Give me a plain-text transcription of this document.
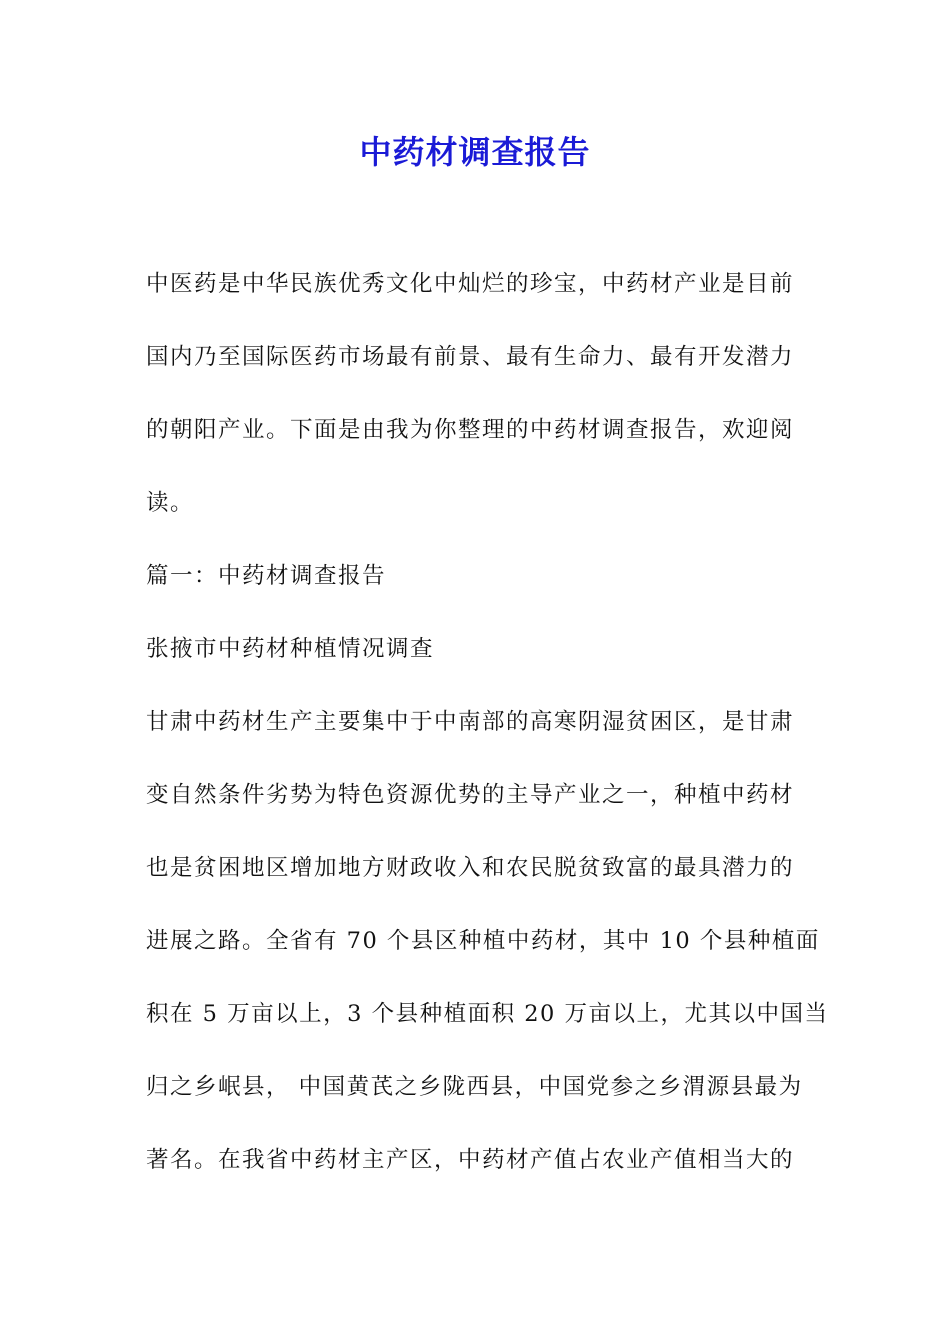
中药材调查报告
中医药是中华民族优秀文化中灿烂的珍宝，中药材产业是目前
国内乃至国际医药市场最有前景、最有生命力、最有开发潜力
的朝阳产业。下面是由我为你整理的中药材调查报告，欢迎阅
读。
篇一：中药材调查报告
张掖市中药材种植情况调查
甘肃中药材生产主要集中于中南部的高寒阴湿贫困区，是甘肃
变自然条件劣势为特色资源优势的主导产业之一，种植中药材
也是贫困地区增加地方财政收入和农民脱贫致富的最具潜力的
进展之路。全省有 70 个县区种植中药材，其中 10 个县种植面
积在 5 万亩以上，3 个县种植面积 20 万亩以上，尤其以中国当
归之乡岷县， 中国黄芪之乡陇西县，中国党参之乡渭源县最为
著名。在我省中药材主产区，中药材产值占农业产值相当大的
